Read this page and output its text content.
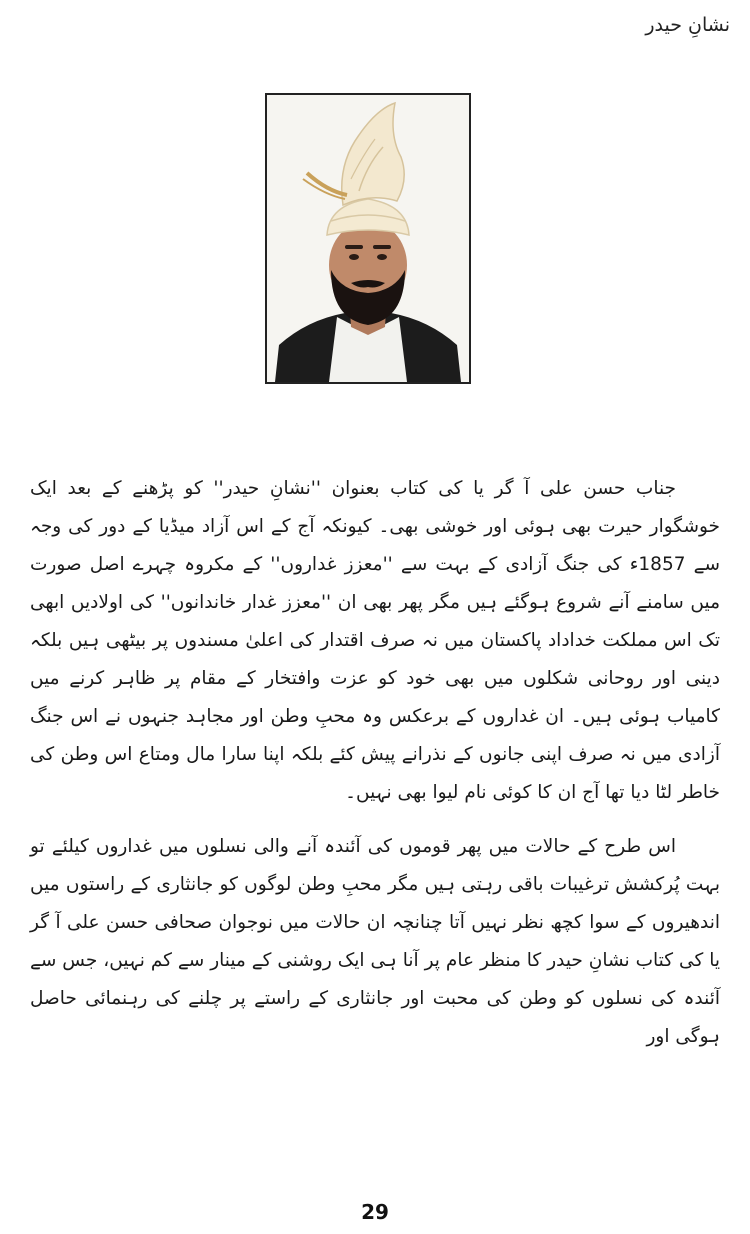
نشانِ حیدر

جناب حسن علی آ گر یا کی کتاب بعنوان ''نشانِ حیدر'' کو پڑھنے کے بعد ایک خوشگوار حیرت بھی ہوئی اور خوشی بھی۔ کیونکہ آج کے اس آزاد میڈیا کے دور کی وجہ سے 1857ء کی جنگ آزادی کے بہت سے ''معزز غداروں'' کے مکروہ چہرے اصل صورت میں سامنے آنے شروع ہوگئے ہیں مگر پھر بھی ان ''معزز غدار خاندانوں'' کی اولادیں ابھی تک اس مملکت خداداد پاکستان میں نہ صرف اقتدار کی اعلیٰ مسندوں پر بیٹھی ہیں بلکہ دینی اور روحانی شکلوں میں بھی خود کو عزت وافتخار کے مقام پر ظاہر کرنے میں کامیاب ہوئی ہیں۔ ان غداروں کے برعکس وہ محبِ وطن اور مجاہد جنہوں نے اس جنگ آزادی میں نہ صرف اپنی جانوں کے نذرانے پیش کئے بلکہ اپنا سارا مال ومتاع اس وطن کی خاطر لٹا دیا تھا آج ان کا کوئی نام لیوا بھی نہیں۔

اس طرح کے حالات میں پھر قوموں کی آئندہ آنے والی نسلوں میں غداروں کیلئے تو بہت پُرکشش ترغیبات باقی رہتی ہیں مگر محبِ وطن لوگوں کو جانثاری کے راستوں میں اندھیروں کے سوا کچھ نظر نہیں آتا چنانچہ ان حالات میں نوجوان صحافی حسن علی آ گر یا کی کتاب نشانِ حیدر کا منظر عام پر آنا ہی ایک روشنی کے مینار سے کم نہیں، جس سے آئندہ کی نسلوں کو وطن کی محبت اور جانثاری کے راستے پر چلنے کی رہنمائی حاصل ہوگی اور

29
